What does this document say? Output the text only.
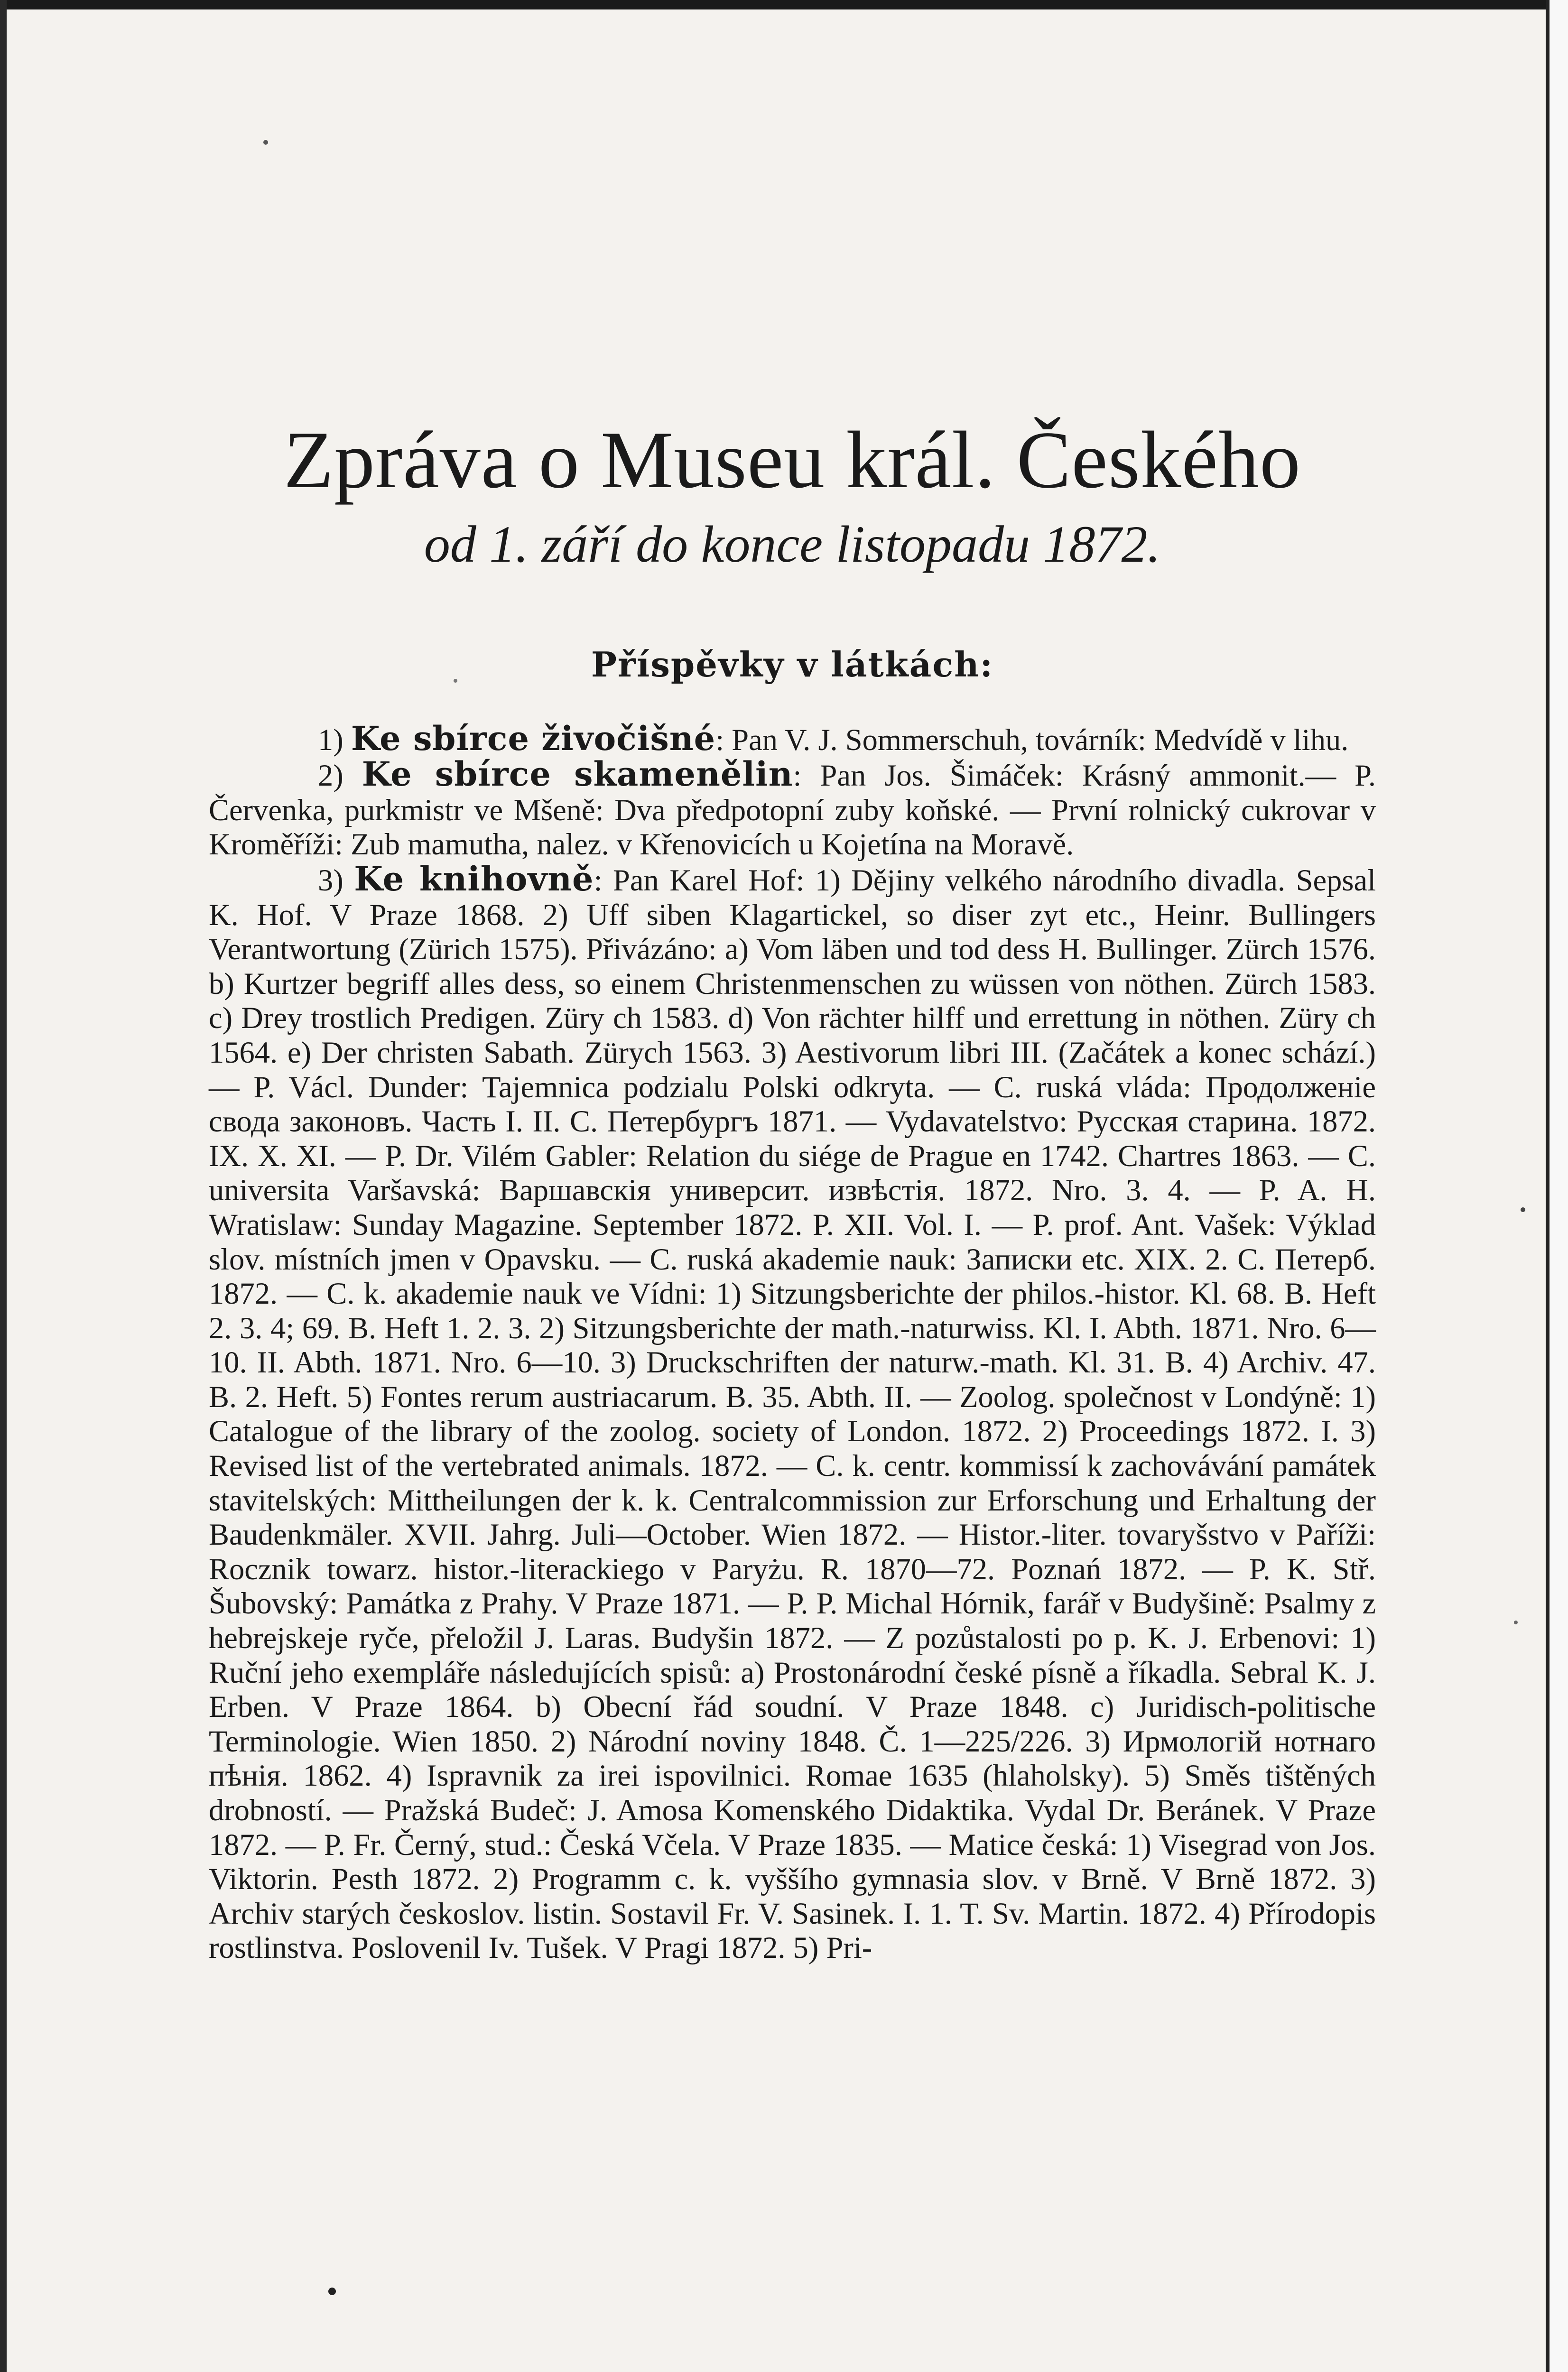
Zpráva o Museu král. Českého
od 1. září do konce listopadu 1872.
Příspěvky v látkách:

1) Ke sbírce živočišné: Pan V. J. Sommerschuh, továrník: Medvídě v lihu.

2) Ke sbírce skamenělin: Pan Jos. Šimáček: Krásný ammonit.— P. Červenka, purkmistr ve Mšeně: Dva předpotopní zuby koňské. — První rolnický cukrovar v Kroměříži: Zub mamutha, nalez. v Křenovicích u Kojetína na Moravě.

3) Ke knihovně: Pan Karel Hof: 1) Dějiny velkého národního divadla. Sepsal K. Hof. V Praze 1868. 2) Uff siben Klagartickel, so diser zyt etc., Heinr. Bullingers Verantwortung (Zürich 1575). Přivázáno: a) Vom läben und tod dess H. Bullinger. Zürch 1576. b) Kurtzer begriff alles dess, so einem Christenmenschen zu wüssen von nöthen. Zürch 1583. c) Drey trostlich Predigen. Züry ch 1583. d) Von rächter hilff und errettung in nöthen. Züry ch 1564. e) Der christen Sabath. Zürych 1563. 3) Aestivorum libri III. (Začátek a konec schází.) — P. Václ. Dunder: Tajemnica podzialu Polski odkryta. — C. ruská vláda: Продолженіе свода законовъ. Часть I. II. С. Петербургъ 1871. — Vydavatelstvo: Русская старина. 1872. IX. X. XI. — P. Dr. Vilém Gabler: Relation du siége de Prague en 1742. Chartres 1863. — C. universita Varšavská: Варшавскія университ. извѣстія. 1872. Nro. 3. 4. — P. A. H. Wratislaw: Sunday Magazine. September 1872. P. XII. Vol. I. — P. prof. Ant. Vašek: Výklad slov. místních jmen v Opavsku. — C. ruská akademie nauk: Записки etc. XIX. 2. С. Петерб. 1872. — C. k. akademie nauk ve Vídni: 1) Sitzungsberichte der philos.-histor. Kl. 68. B. Heft 2. 3. 4; 69. B. Heft 1. 2. 3. 2) Sitzungsberichte der math.-naturwiss. Kl. I. Abth. 1871. Nro. 6—10. II. Abth. 1871. Nro. 6—10. 3) Druckschriften der naturw.-math. Kl. 31. B. 4) Archiv. 47. B. 2. Heft. 5) Fontes rerum austriacarum. B. 35. Abth. II. — Zoolog. společnost v Londýně: 1) Catalogue of the library of the zoolog. society of London. 1872. 2) Proceedings 1872. I. 3) Revised list of the vertebrated animals. 1872. — C. k. centr. kommissí k zachovávání památek stavitelských: Mittheilungen der k. k. Centralcommission zur Erforschung und Erhaltung der Baudenkmäler. XVII. Jahrg. Juli—October. Wien 1872. — Histor.-liter. tovaryšstvo v Paříži: Rocznik towarz. histor.-literackiego v Paryżu. R. 1870—72. Poznań 1872. — P. K. Stř. Šubovský: Památka z Prahy. V Praze 1871. — P. P. Michal Hórnik, farář v Budyšině: Psalmy z hebrejskeje ryče, přeložil J. Laras. Budyšin 1872. — Z pozůstalosti po p. K. J. Erbenovi: 1) Ruční jeho exempláře následujících spisů: a) Prostonárodní české písně a říkadla. Sebral K. J. Erben. V Praze 1864. b) Obecní řád soudní. V Praze 1848. c) Juridisch-politische Terminologie. Wien 1850. 2) Národní noviny 1848. Č. 1—225/226. 3) Ирмологій нотнаго пѣнія. 1862. 4) Ispravnik za irei ispovilnici. Romae 1635 (hlaholsky). 5) Směs tištěných drobností. — Pražská Budeč: J. Amosa Komenského Didaktika. Vydal Dr. Beránek. V Praze 1872. — P. Fr. Černý, stud.: Česká Včela. V Praze 1835. — Matice česká: 1) Visegrad von Jos. Viktorin. Pesth 1872. 2) Programm c. k. vyššího gymnasia slov. v Brně. V Brně 1872. 3) Archiv starých českoslov. listin. Sostavil Fr. V. Sasinek. I. 1. T. Sv. Martin. 1872. 4) Přírodopis rostlinstva. Poslovenil Iv. Tušek. V Pragi 1872. 5) Pri-
